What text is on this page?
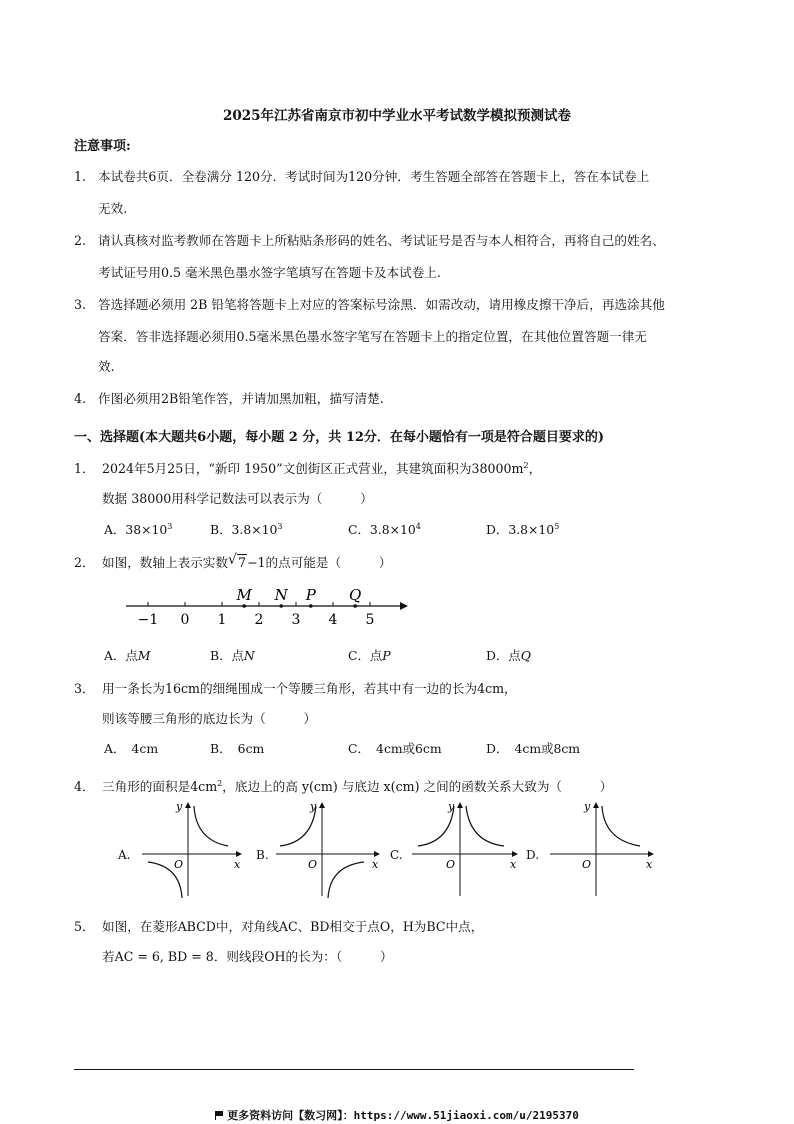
2025年江苏省南京市初中学业水平考试数学模拟预测试卷
注意事项:
1. 本试卷共6页．全卷满分 120分．考试时间为120分钟．考生答题全部答在答题卡上，答在本试卷上
无效.
2. 请认真核对监考教师在答题卡上所粘贴条形码的姓名、考试证号是否与本人相符合，再将自己的姓名、
考试证号用0.5 毫米黑色墨水签字笔填写在答题卡及本试卷上.
3. 答选择题必须用 2B 铅笔将答题卡上对应的答案标号涂黑．如需改动，请用橡皮擦干净后，再选涂其他
答案．答非选择题必须用0.5毫米黑色墨水签字笔写在答题卡上的指定位置，在其他位置答题一律无
效.
4. 作图必须用2B铅笔作答，并请加黑加粗，描写清楚.
一、选择题(本大题共6小题，每小题 2 分，共 12分．在每小题恰有一项是符合题目要求的)
1． 2024年5月25日，“新印 1950”文创街区正式营业，其建筑面积为$38000m^2$，
数据 38000用科学记数法可以表示为（　　　）
A．$38\times 10^3$	B．$3.8\times 10^3$	C．$3.8\times 10^4$	D．$3.8\times 10^5$
2． 如图，数轴上表示实数 √ 7−1的点可能是（　　　）
−1 0 1 2 3 4 5
M N P Q
A．点M	B．点N	C．点P	D．点Q
3． 用一条长为16cm的细绳围成一个等腰三角形，若其中有一边的长为4cm，
则该等腰三角形的底边长为（　　　）
A．　4cm	B．　6cm	C．　4cm或6cm	D．　4cm或8cm
4． 三角形的面积是$4cm^2$，底边上的高 y(cm) 与底边 x(cm) 之间的函数关系大致为（　　　）
A.
y
x
O
B.
y
x
O
C.
y
x
O
D.
y
x
O
5． 如图，在菱形ABCD中，对角线AC、BD相交于点O，H为BC中点，
若AC = 6, BD = 8．则线段OH的长为：（　　　）
更多资料访问【数习网】：https://www.51jiaoxi.com/u/2195370
